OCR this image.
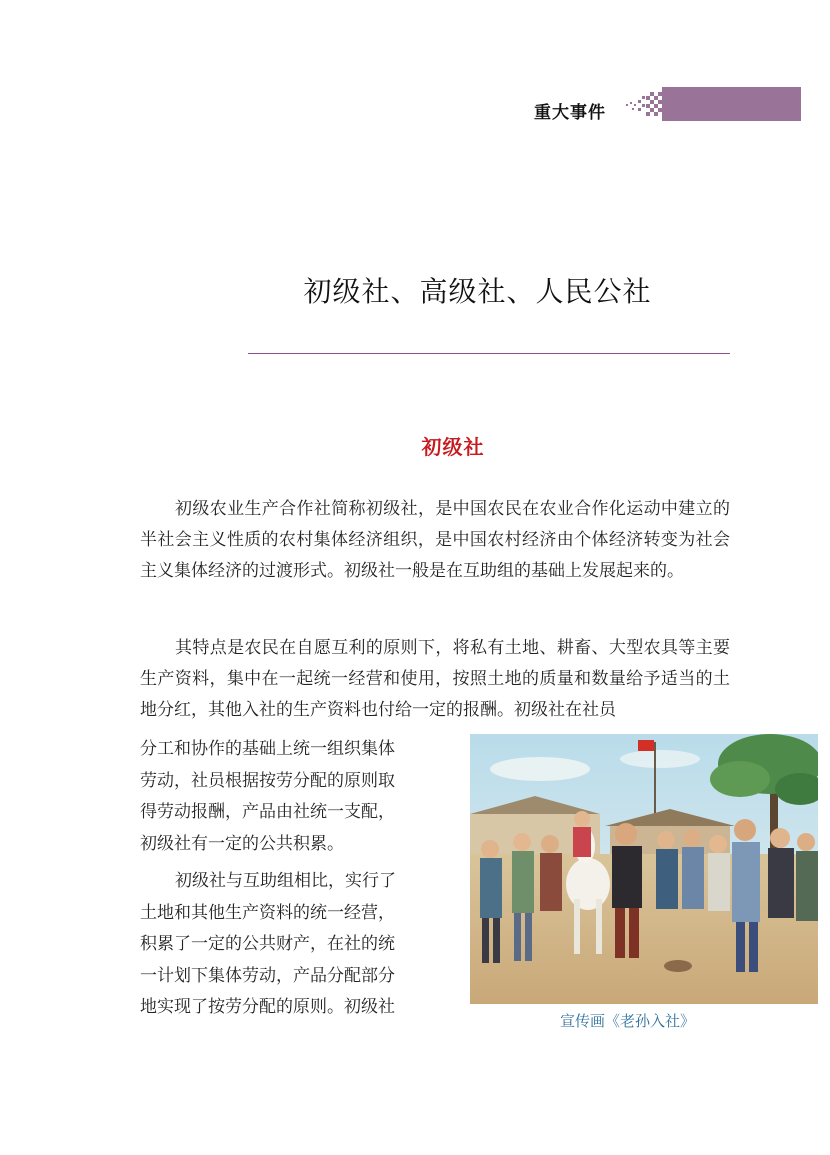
重大事件
初级社、高级社、人民公社
初级社

初级农业生产合作社简称初级社，是中国农民在农业合作化运动中建立的半社会主义性质的农村集体经济组织，是中国农村经济由个体经济转变为社会主义集体经济的过渡形式。初级社一般是在互助组的基础上发展起来的。

其特点是农民在自愿互利的原则下，将私有土地、耕畜、大型农具等主要生产资料，集中在一起统一经营和使用，按照土地的质量和数量给予适当的土地分红，其他入社的生产资料也付给一定的报酬。初级社在社员

分工和协作的基础上统一组织集体
劳动，社员根据按劳分配的原则取
得劳动报酬，产品由社统一支配，
初级社有一定的公共积累。

初级社与互助组相比，实行了
土地和其他生产资料的统一经营，
积累了一定的公共财产，在社的统
一计划下集体劳动，产品分配部分
地实现了按劳分配的原则。初级社

宣传画《老孙入社》
